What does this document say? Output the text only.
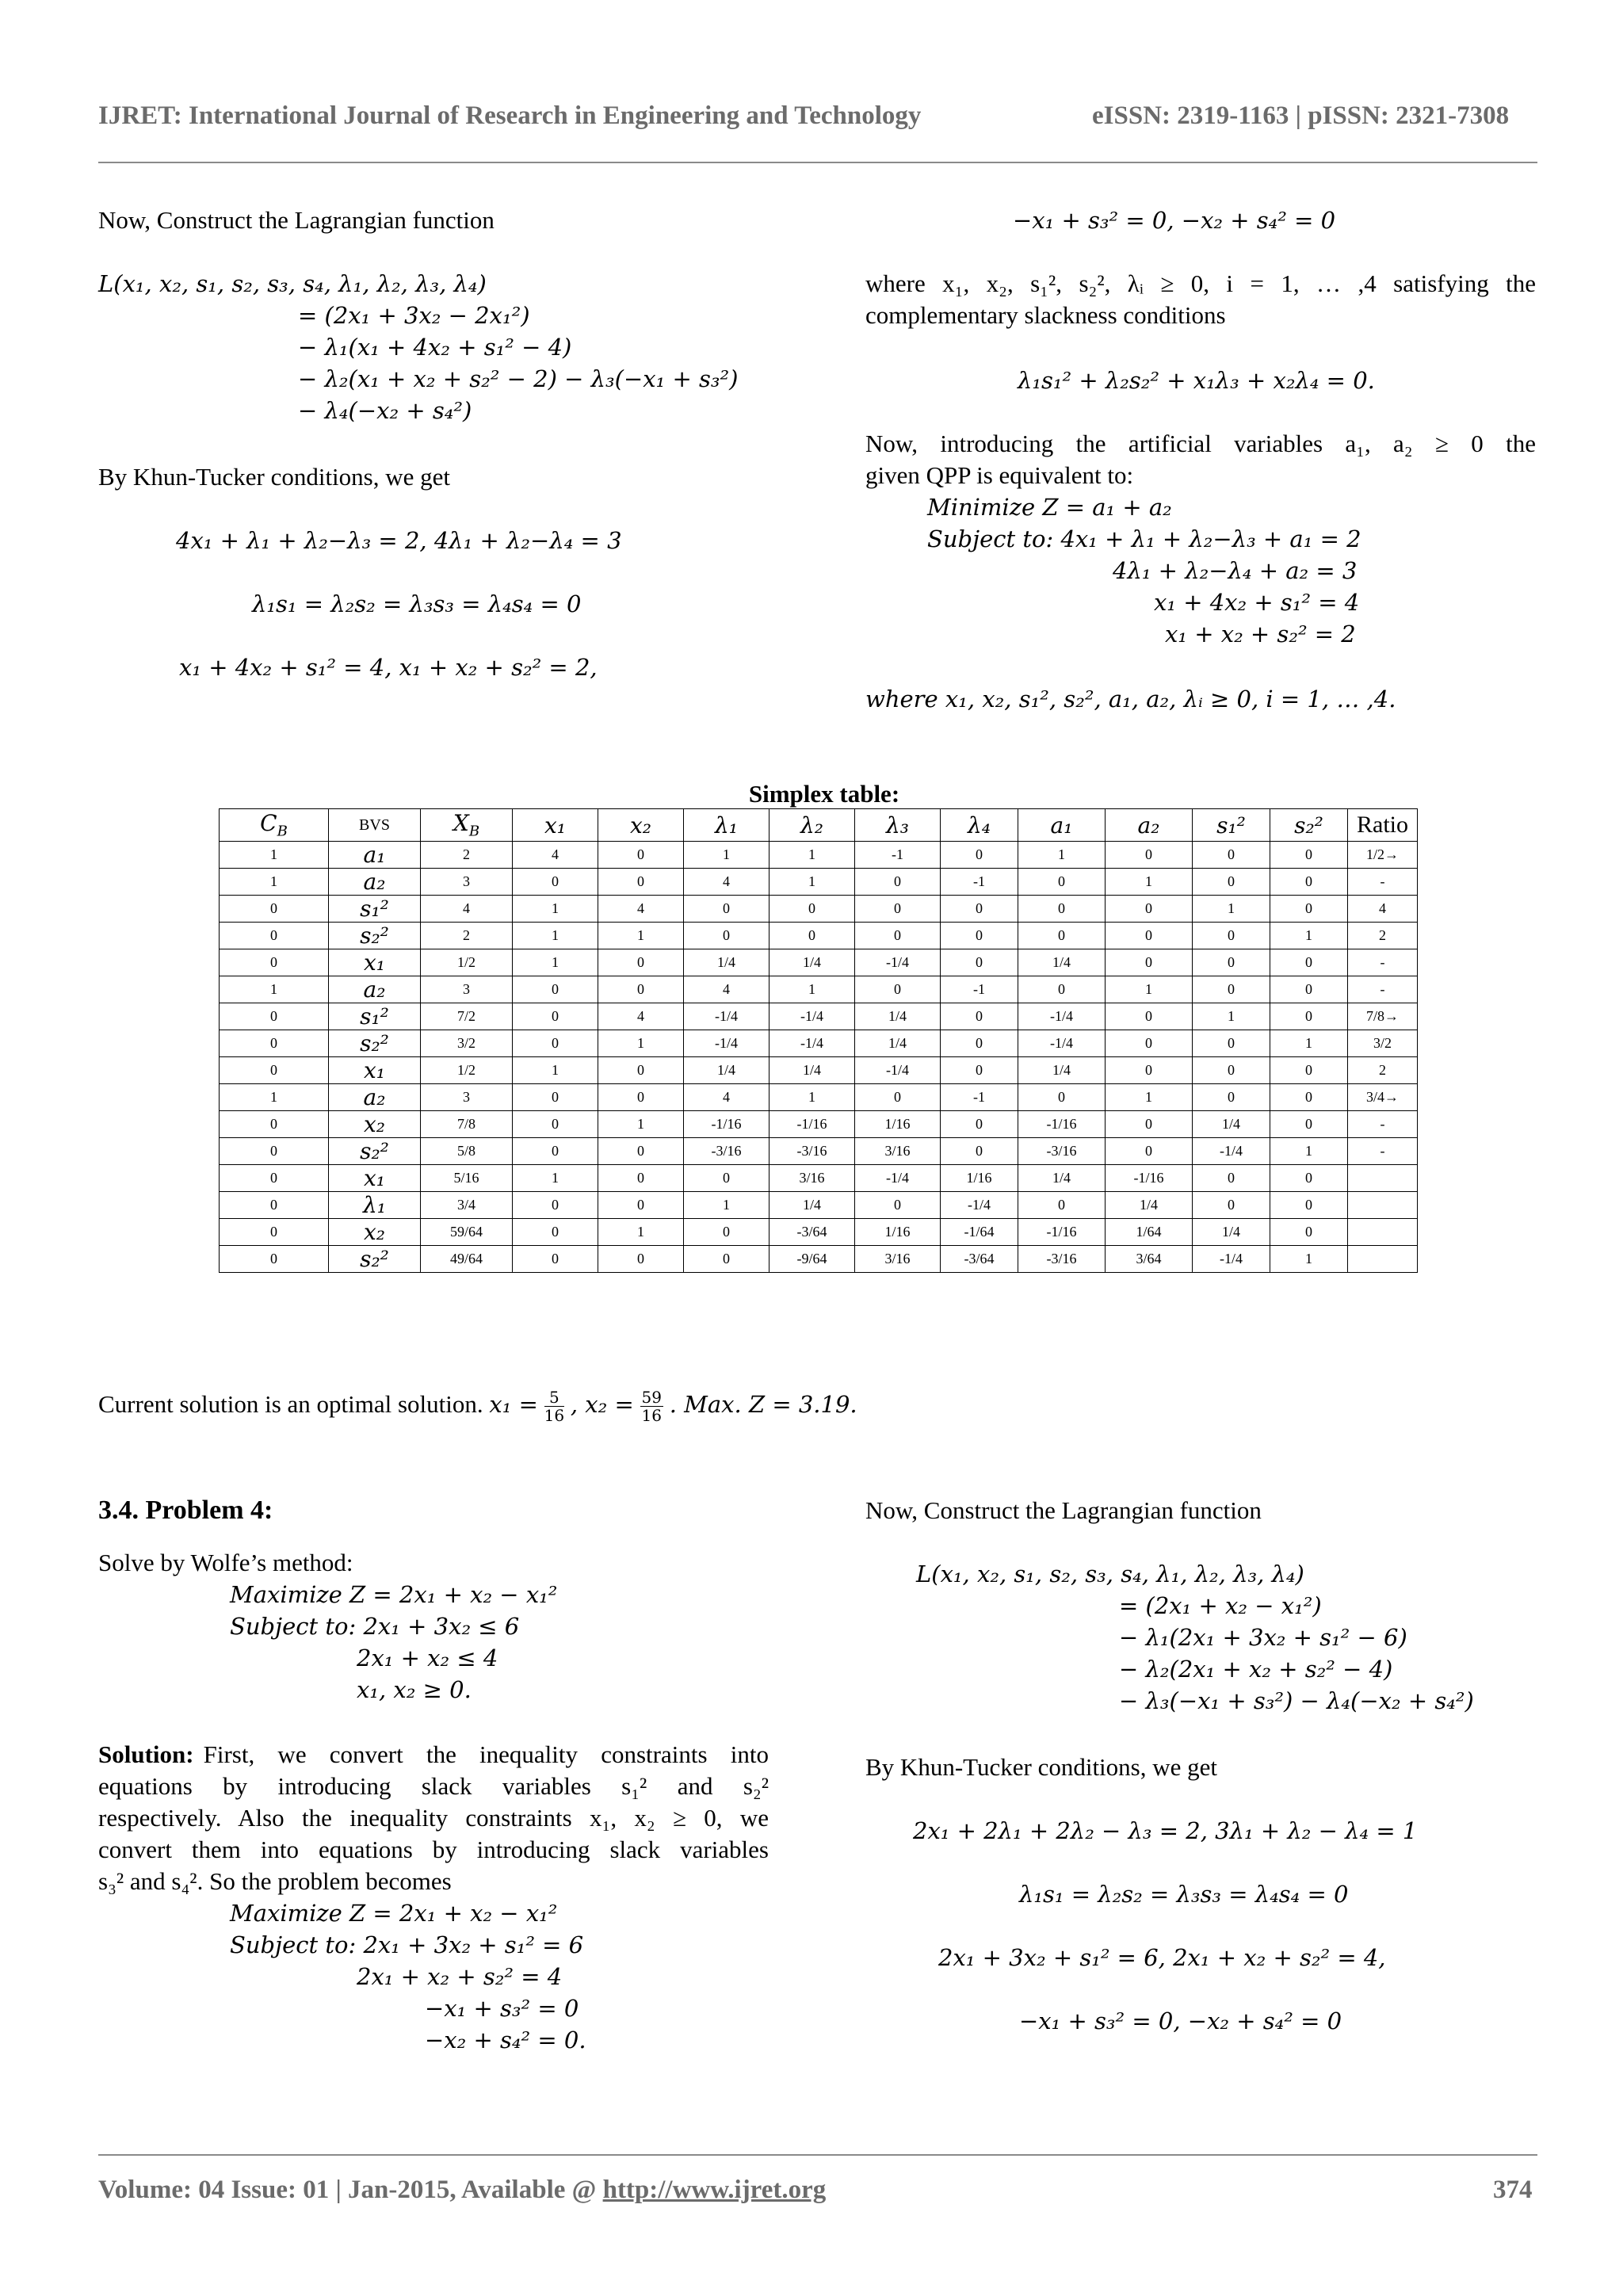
IJRET: International Journal of Research in Engineering and Technology	eISSN: 2319-1163 | pISSN: 2321-7308
Now, Construct the Lagrangian function
L(x₁, x₂, s₁, s₂, s₃, s₄, λ₁, λ₂, λ₃, λ₄)
= (2x₁ + 3x₂ − 2x₁²)
− λ₁(x₁ + 4x₂ + s₁² − 4)
− λ₂(x₁ + x₂ + s₂² − 2) − λ₃(−x₁ + s₃²)
− λ₄(−x₂ + s₄²)
By Khun-Tucker conditions, we get
4x₁ + λ₁ + λ₂−λ₃ = 2, 4λ₁ + λ₂−λ₄ = 3
λ₁s₁ = λ₂s₂ = λ₃s₃ = λ₄s₄ = 0
x₁ + 4x₂ + s₁² = 4, x₁ + x₂ + s₂² = 2,
−x₁ + s₃² = 0, −x₂ + s₄² = 0
where x₁, x₂, s₁², s₂², λᵢ ≥ 0, i = 1, … ,4 satisfying the
complementary slackness conditions
λ₁s₁² + λ₂s₂² + x₁λ₃ + x₂λ₄ = 0.
Now, introducing the artificial variables a₁, a₂ ≥ 0 the
given QPP is equivalent to:
Minimize Z = a₁ + a₂
Subject to: 4x₁ + λ₁ + λ₂−λ₃ + a₁ = 2
4λ₁ + λ₂−λ₄ + a₂ = 3
x₁ + 4x₂ + s₁² = 4
x₁ + x₂ + s₂² = 2
where x₁, x₂, s₁², s₂², a₁, a₂, λᵢ ≥ 0, i = 1, … ,4.
Simplex table:
$C_B$	BVS	$X_B$	x₁	x₂	λ₁	λ₂	λ₃	λ₄	a₁	a₂	s₁²	s₂²	Ratio
1	a₁	2	4	0	1	1	-1	0	1	0	0	0	1/2→
1	a₂	3	0	0	4	1	0	-1	0	1	0	0	-
0	s₁²	4	1	4	0	0	0	0	0	0	1	0	4
0	s₂²	2	1	1	0	0	0	0	0	0	0	1	2
0	x₁	1/2	1	0	1/4	1/4	-1/4	0	1/4	0	0	0	-
1	a₂	3	0	0	4	1	0	-1	0	1	0	0	-
0	s₁²	7/2	0	4	-1/4	-1/4	1/4	0	-1/4	0	1	0	7/8→
0	s₂²	3/2	0	1	-1/4	-1/4	1/4	0	-1/4	0	0	1	3/2
0	x₁	1/2	1	0	1/4	1/4	-1/4	0	1/4	0	0	0	2
1	a₂	3	0	0	4	1	0	-1	0	1	0	0	3/4→
0	x₂	7/8	0	1	-1/16	-1/16	1/16	0	-1/16	0	1/4	0	-
0	s₂²	5/8	0	0	-3/16	-3/16	3/16	0	-3/16	0	-1/4	1	-
0	x₁	5/16	1	0	0	3/16	-1/4	1/16	1/4	-1/16	0	0	
0	λ₁	3/4	0	0	1	1/4	0	-1/4	0	1/4	0	0	
0	x₂	59/64	0	1	0	-3/64	1/16	-1/64	-1/16	1/64	1/4	0	
0	s₂²	49/64	0	0	0	-9/64	3/16	-3/64	-3/16	3/64	-1/4	1	
Current solution is an optimal solution. $x_1 = \frac{5}{16}$ , $x_2 = \frac{59}{16}$ . Max. Z = 3.19.
3.4. Problem 4:
Solve by Wolfe’s method:
Maximize Z = 2x₁ + x₂ − x₁²
Subject to: 2x₁ + 3x₂ ≤ 6
2x₁ + x₂ ≤ 4
x₁, x₂ ≥ 0.
Solution: First, we convert the inequality constraints into
equations by introducing slack variables s₁² and s₂²
respectively. Also the inequality constraints x₁, x₂ ≥ 0, we
convert them into equations by introducing slack variables
s₃² and s₄². So the problem becomes
Maximize Z = 2x₁ + x₂ − x₁²
Subject to: 2x₁ + 3x₂ + s₁² = 6
2x₁ + x₂ + s₂² = 4
−x₁ + s₃² = 0
−x₂ + s₄² = 0.
Now, Construct the Lagrangian function
L(x₁, x₂, s₁, s₂, s₃, s₄, λ₁, λ₂, λ₃, λ₄)
= (2x₁ + x₂ − x₁²)
− λ₁(2x₁ + 3x₂ + s₁² − 6)
− λ₂(2x₁ + x₂ + s₂² − 4)
− λ₃(−x₁ + s₃²) − λ₄(−x₂ + s₄²)
By Khun-Tucker conditions, we get
2x₁ + 2λ₁ + 2λ₂ − λ₃ = 2, 3λ₁ + λ₂ − λ₄ = 1
λ₁s₁ = λ₂s₂ = λ₃s₃ = λ₄s₄ = 0
2x₁ + 3x₂ + s₁² = 6, 2x₁ + x₂ + s₂² = 4,
−x₁ + s₃² = 0, −x₂ + s₄² = 0
Volume: 04 Issue: 01 | Jan-2015, Available @ http://www.ijret.org	374
